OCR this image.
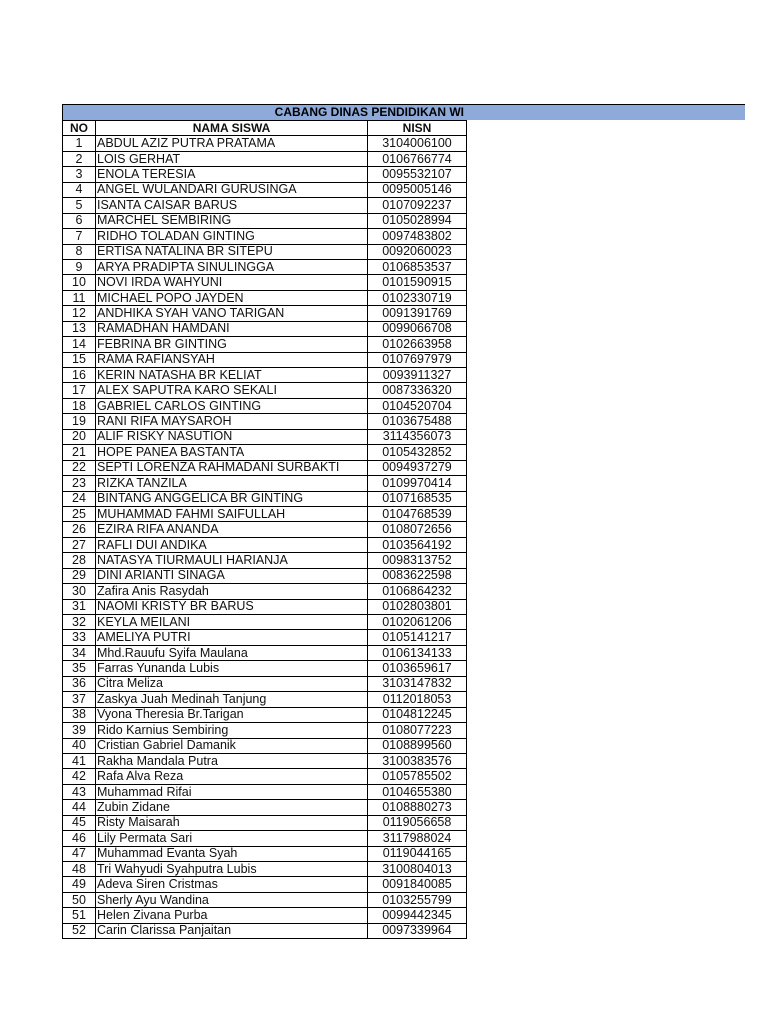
CABANG DINAS PENDIDIKAN WI
NO	NAMA SISWA	NISN
1	ABDUL AZIZ PUTRA PRATAMA	3104006100
2	LOIS GERHAT	0106766774
3	ENOLA TERESIA	0095532107
4	ANGEL WULANDARI GURUSINGA	0095005146
5	ISANTA CAISAR BARUS	0107092237
6	MARCHEL SEMBIRING	0105028994
7	RIDHO TOLADAN GINTING	0097483802
8	ERTISA NATALINA BR SITEPU	0092060023
9	ARYA PRADIPTA SINULINGGA	0106853537
10	NOVI IRDA WAHYUNI	0101590915
11	MICHAEL POPO JAYDEN	0102330719
12	ANDHIKA SYAH VANO TARIGAN	0091391769
13	RAMADHAN HAMDANI	0099066708
14	FEBRINA BR GINTING	0102663958
15	RAMA RAFIANSYAH	0107697979
16	KERIN NATASHA BR KELIAT	0093911327
17	ALEX SAPUTRA KARO SEKALI	0087336320
18	GABRIEL CARLOS GINTING	0104520704
19	RANI RIFA MAYSAROH	0103675488
20	ALIF RISKY NASUTION	3114356073
21	HOPE PANEA BASTANTA	0105432852
22	SEPTI LORENZA RAHMADANI SURBAKTI	0094937279
23	RIZKA TANZILA	0109970414
24	BINTANG ANGGELICA BR GINTING	0107168535
25	MUHAMMAD FAHMI SAIFULLAH	0104768539
26	EZIRA RIFA ANANDA	0108072656
27	RAFLI DUI ANDIKA	0103564192
28	NATASYA TIURMAULI HARIANJA	0098313752
29	DINI ARIANTI SINAGA	0083622598
30	Zafira Anis Rasydah	0106864232
31	NAOMI KRISTY BR BARUS	0102803801
32	KEYLA MEILANI	0102061206
33	AMELIYA PUTRI	0105141217
34	Mhd.Rauufu Syifa Maulana	0106134133
35	Farras Yunanda Lubis	0103659617
36	Citra Meliza	3103147832
37	Zaskya Juah Medinah Tanjung	0112018053
38	Vyona Theresia Br.Tarigan	0104812245
39	Rido Karnius Sembiring	0108077223
40	Cristian Gabriel Damanik	0108899560
41	Rakha Mandala Putra	3100383576
42	Rafa Alva Reza	0105785502
43	Muhammad Rifai	0104655380
44	Zubin Zidane	0108880273
45	Risty Maisarah	0119056658
46	Lily Permata Sari	3117988024
47	Muhammad Evanta Syah	0119044165
48	Tri Wahyudi Syahputra Lubis	3100804013
49	Adeva Siren Cristmas	0091840085
50	Sherly Ayu Wandina	0103255799
51	Helen Zivana Purba	0099442345
52	Carin Clarissa Panjaitan	0097339964
